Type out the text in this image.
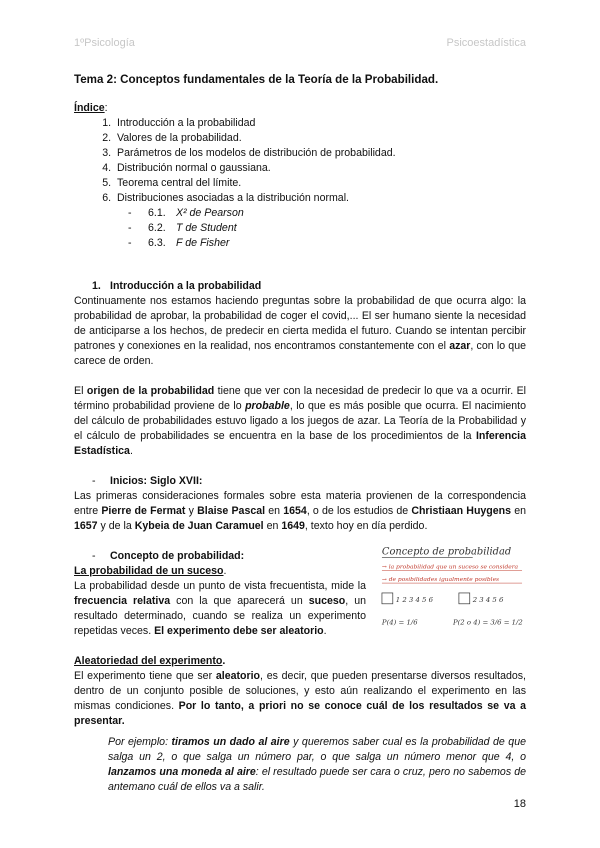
1ºPsicología	Psicoestadística
Tema 2: Conceptos fundamentales de la Teoría de la Probabilidad.
Índice:
1. Introducción a la probabilidad
2. Valores de la probabilidad.
3. Parámetros de los modelos de distribución de probabilidad.
4. Distribución normal o gaussiana.
5. Teorema central del límite.
6. Distribuciones asociadas a la distribución normal.
-	6.1. X² de Pearson
-	6.2. T de Student
-	6.3. F de Fisher
1. Introducción a la probabilidad

Continuamente nos estamos haciendo preguntas sobre la probabilidad de que ocurra algo: la probabilidad de aprobar, la probabilidad de coger el covid,... El ser humano siente la necesidad de anticiparse a los hechos, de predecir en cierta medida el futuro. Cuando se intentan percibir patrones y conexiones en la realidad, nos encontramos constantemente con el azar, con lo que carece de orden.

El origen de la probabilidad tiene que ver con la necesidad de predecir lo que va a ocurrir. El término probabilidad proviene de lo probable, lo que es más posible que ocurra. El nacimiento del cálculo de probabilidades estuvo ligado a los juegos de azar. La Teoría de la Probabilidad y el cálculo de probabilidades se encuentra en la base de los procedimientos de la Inferencia Estadística.

- Inicios: Siglo XVII:

Las primeras consideraciones formales sobre esta materia provienen de la correspondencia entre Pierre de Fermat y Blaise Pascal en 1654, o de los estudios de Christiaan Huygens en 1657 y de la Kybeia de Juan Caramuel en 1649, texto hoy en día perdido.

- Concepto de probabilidad:
La probabilidad de un suceso.

La probabilidad desde un punto de vista frecuentista, mide la frecuencia relativa con la que aparecerá un suceso, un resultado determinado, cuando se realiza un experimento repetidas veces. El experimento debe ser aleatorio.

Concepto de probabilidad
→ la probabilidad que un suceso se considera
→ de posibilidades igualmente posibles
1 2 3 4 5 6	2 3 4 5 6
P(4) = 1/6	P(2 o 4) = 3/6 = 1/2
Aleatoriedad del experimento.

El experimento tiene que ser aleatorio, es decir, que pueden presentarse diversos resultados, dentro de un conjunto posible de soluciones, y esto aún realizando el experimento en las mismas condiciones. Por lo tanto, a priori no se conoce cuál de los resultados se va a presentar.

Por ejemplo: tiramos un dado al aire y queremos saber cual es la probabilidad de que salga un 2, o que salga un número par, o que salga un número menor que 4, o lanzamos una moneda al aire: el resultado puede ser cara o cruz, pero no sabemos de antemano cuál de ellos va a salir.

18
